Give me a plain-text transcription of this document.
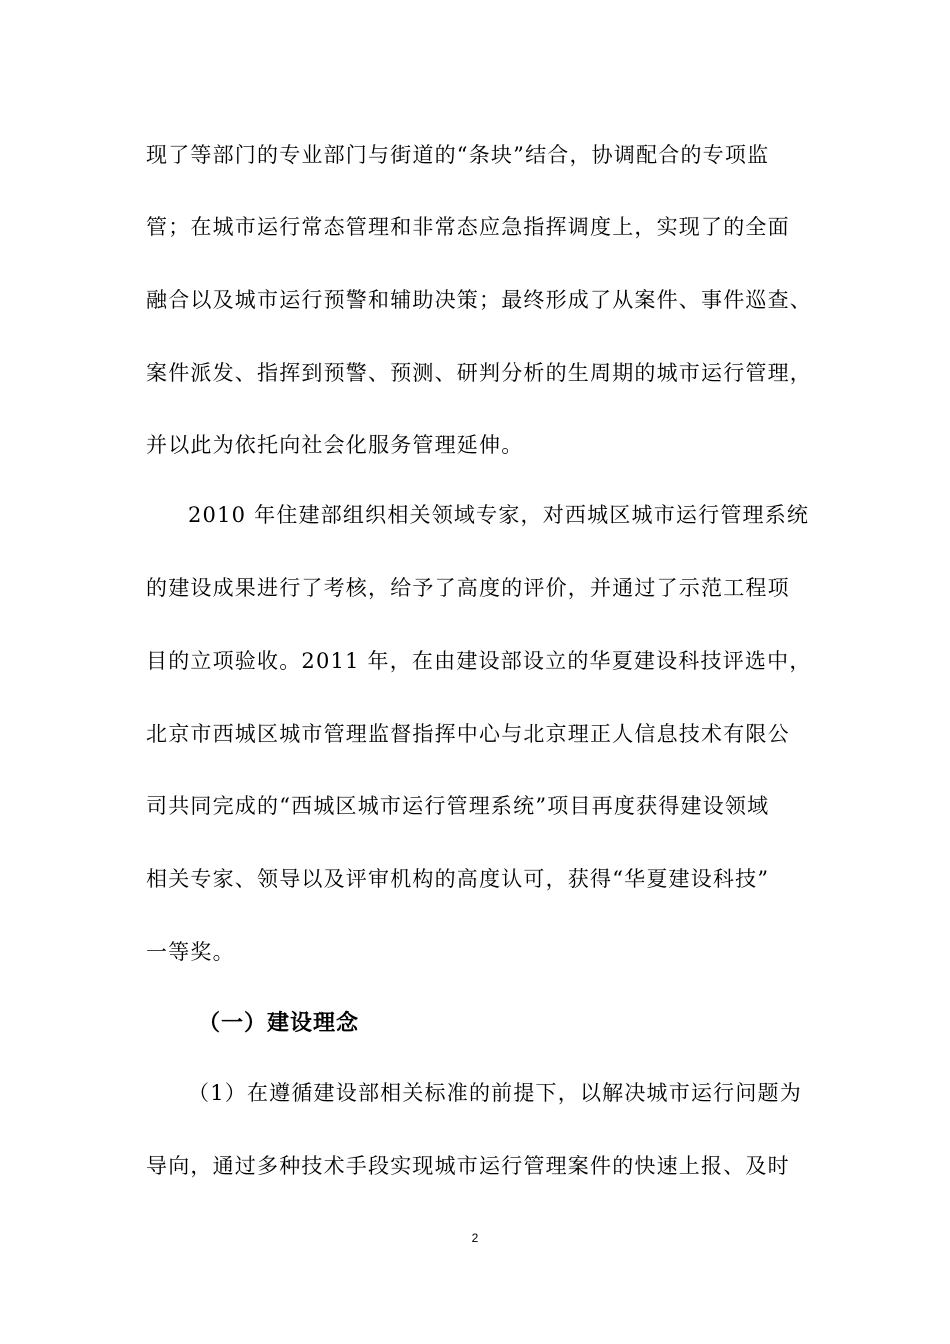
现了等部门的专业部门与街道的“条块”结合，协调配合的专项监
管；在城市运行常态管理和非常态应急指挥调度上，实现了的全面
融合以及城市运行预警和辅助决策；最终形成了从案件、事件巡查、
案件派发、指挥到预警、预测、研判分析的生周期的城市运行管理，
并以此为依托向社会化服务管理延伸。
2010 年住建部组织相关领域专家，对西城区城市运行管理系统
的建设成果进行了考核，给予了高度的评价，并通过了示范工程项
目的立项验收。2011 年，在由建设部设立的华夏建设科技评选中，
北京市西城区城市管理监督指挥中心与北京理正人信息技术有限公
司共同完成的“西城区城市运行管理系统”项目再度获得建设领域
相关专家、领导以及评审机构的高度认可，获得“华夏建设科技”
一等奖。
（一）建设理念
（1）在遵循建设部相关标准的前提下，以解决城市运行问题为
导向，通过多种技术手段实现城市运行管理案件的快速上报、及时
2
